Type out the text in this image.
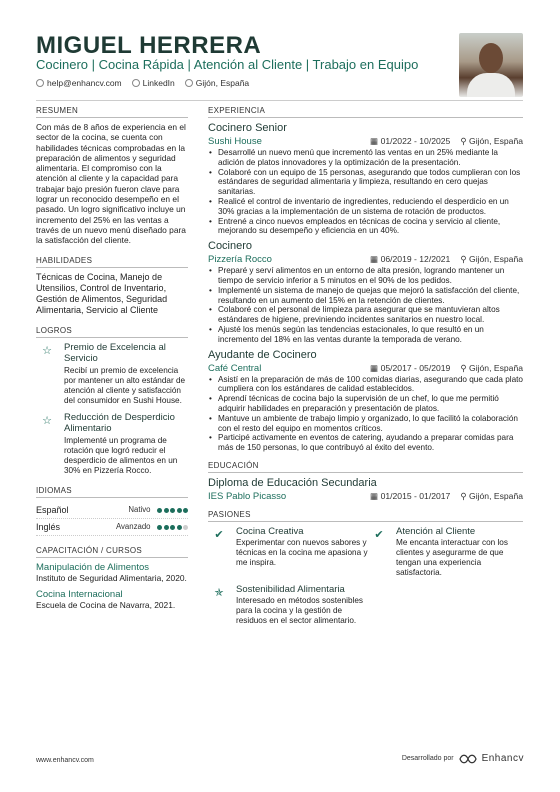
MIGUEL HERRERA
Cocinero | Cocina Rápida | Atención al Cliente | Trabajo en Equipo
help@enhancv.com	LinkedIn	Gijón, España
RESUMEN
Con más de 8 años de experiencia en el sector de la cocina, se cuenta con habilidades técnicas comprobadas en la preparación de alimentos y seguridad alimentaria. El compromiso con la atención al cliente y la capacidad para trabajar bajo presión fueron clave para lograr un reconocido desempeño en el pasado. Un logro significativo incluye un incremento del 25% en las ventas a través de un nuevo menú diseñado para la satisfacción del cliente.
HABILIDADES
Técnicas de Cocina, Manejo de Utensilios, Control de Inventario, Gestión de Alimentos, Seguridad Alimentaria, Servicio al Cliente
LOGROS
☆	Premio de Excelencia al Servicio
Recibí un premio de excelencia por mantener un alto estándar de atención al cliente y satisfacción del consumidor en Sushi House.
☆	Reducción de Desperdicio Alimentario
Implementé un programa de rotación que logró reducir el desperdicio de alimentos en un 30% en Pizzería Rocco.
IDIOMAS
Español	Nativo
Inglés	Avanzado
CAPACITACIÓN / CURSOS
Manipulación de Alimentos
Instituto de Seguridad Alimentaria, 2020.
Cocina Internacional
Escuela de Cocina de Navarra, 2021.
EXPERIENCIA
Cocinero Senior
Sushi House	▦ 01/2022 - 10/2025 ⚲ Gijón, España
• Desarrollé un nuevo menú que incrementó las ventas en un 25% mediante la adición de platos innovadores y la optimización de la presentación.
• Colaboré con un equipo de 15 personas, asegurando que todos cumplieran con los estándares de seguridad alimentaria y limpieza, resultando en cero quejas sanitarias.
• Realicé el control de inventario de ingredientes, reduciendo el desperdicio en un 30% gracias a la implementación de un sistema de rotación de productos.
• Entrené a cinco nuevos empleados en técnicas de cocina y servicio al cliente, mejorando su desempeño y eficiencia en un 40%.
Cocinero
Pizzería Rocco	▦ 06/2019 - 12/2021 ⚲ Gijón, España
• Preparé y serví alimentos en un entorno de alta presión, logrando mantener un tiempo de servicio inferior a 5 minutos en el 90% de los pedidos.
• Implementé un sistema de manejo de quejas que mejoró la satisfacción del cliente, resultando en un aumento del 15% en la retención de clientes.
• Colaboré con el personal de limpieza para asegurar que se mantuvieran altos estándares de higiene, previniendo incidentes sanitarios en nuestro local.
• Ajusté los menús según las tendencias estacionales, lo que resultó en un incremento del 18% en las ventas durante la temporada de verano.
Ayudante de Cocinero
Café Central	▦ 05/2017 - 05/2019 ⚲ Gijón, España
• Asistí en la preparación de más de 100 comidas diarias, asegurando que cada plato cumpliera con los estándares de calidad establecidos.
• Aprendí técnicas de cocina bajo la supervisión de un chef, lo que me permitió adquirir habilidades en preparación y presentación de platos.
• Mantuve un ambiente de trabajo limpio y organizado, lo que facilitó la colaboración con el resto del equipo en momentos críticos.
• Participé activamente en eventos de catering, ayudando a preparar comidas para más de 150 personas, lo que contribuyó al éxito del evento.
EDUCACIÓN
Diploma de Educación Secundaria
IES Pablo Picasso	▦ 01/2015 - 01/2017 ⚲ Gijón, España
PASIONES
✔	Cocina Creativa
Experimentar con nuevos sabores y técnicas en la cocina me apasiona y me inspira.
✔	Atención al Cliente
Me encanta interactuar con los clientes y asegurarme de que tengan una experiencia satisfactoria.
✯	Sostenibilidad Alimentaria
Interesado en métodos sostenibles para la cocina y la gestión de residuos en el sector alimentario.
www.enhancv.com	Desarrollado por	Enhancv
